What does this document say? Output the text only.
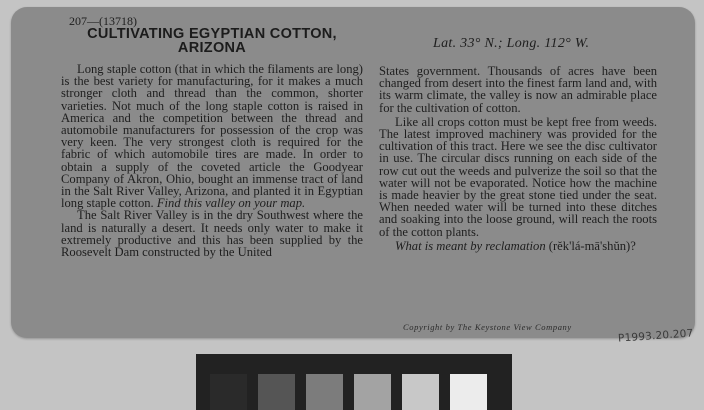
207—(13718)
CULTIVATING EGYPTIAN COTTON,
ARIZONA

Long staple cotton (that in which the filaments are long) is the best variety for manufacturing, for it makes a much stronger cloth and thread than the common, shorter varieties. Not much of the long staple cotton is raised in America and the competition between the thread and automobile manufacturers for possession of the crop was very keen. The very strongest cloth is required for the fabric of which automobile tires are made. In order to obtain a supply of the coveted article the Goodyear Company of Akron, Ohio, bought an immense tract of land in the Salt River Valley, Arizona, and planted it in Egyptian long staple cotton. Find this valley on your map.

The Salt River Valley is in the dry Southwest where the land is naturally a desert. It needs only water to make it extremely productive and this has been supplied by the Roosevelt Dam constructed by the United

Lat. 33° N.; Long. 112° W.

States government. Thousands of acres have been changed from desert into the finest farm land and, with its warm climate, the valley is now an admirable place for the cultivation of cotton.

Like all crops cotton must be kept free from weeds. The latest improved machinery was provided for the cultivation of this tract. Here we see the disc cultivator in use. The circular discs running on each side of the row cut out the weeds and pulverize the soil so that the water will not be evaporated. Notice how the machine is made heavier by the great stone tied under the seat. When needed water will be turned into these ditches and soaking into the loose ground, will reach the roots of the cotton plants.

What is meant by reclamation (rĕk'lá-mā'shŭn)?

Copyright by The Keystone View Company
P1993.20.207
